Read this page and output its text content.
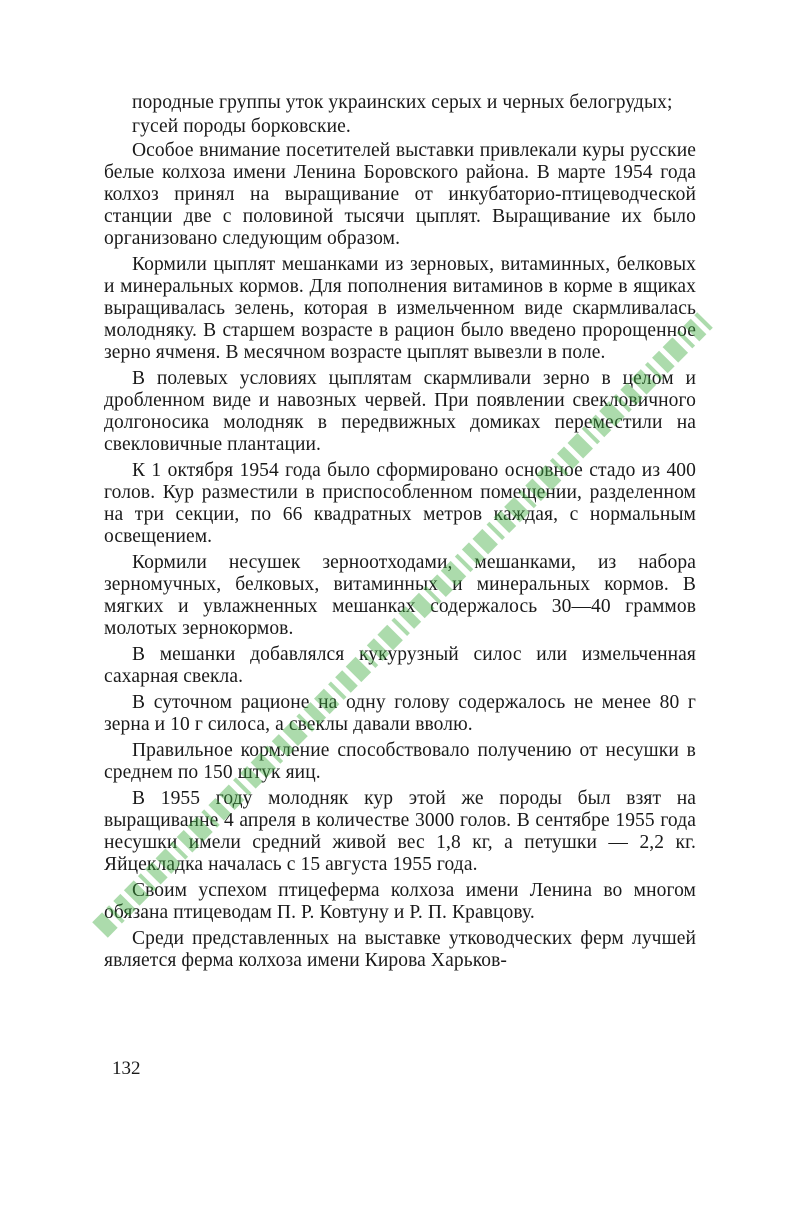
породные группы уток украинских серых и черных белогрудых;

гусей породы борковские.

Особое внимание посетителей выставки привлекали куры русские белые колхоза имени Ленина Боровского района. В марте 1954 года колхоз принял на выращивание от инкубаторио-птицеводческой станции две с половиной тысячи цыплят. Выращивание их было организовано следующим образом.

Кормили цыплят мешанками из зерновых, витаминных, белковых и минеральных кормов. Для пополнения витаминов в корме в ящиках выращивалась зелень, которая в измельченном виде скармливалась молодняку. В старшем возрасте в рацион было введено пророщенное зерно ячменя. В месячном возрасте цыплят вывезли в поле.

В полевых условиях цыплятам скармливали зерно в целом и дробленном виде и навозных червей. При появлении свекловичного долгоносика молодняк в передвижных домиках переместили на свекловичные плантации.

К 1 октября 1954 года было сформировано основное стадо из 400 голов. Кур разместили в приспособленном помещении, разделенном на три секции, по 66 квадратных метров каждая, с нормальным освещением.

Кормили несушек зерноотходами, мешанками, из набора зерномучных, белковых, витаминных и минеральных кормов. В мягких и увлажненных мешанках содержалось 30—40 граммов молотых зернокормов.

В мешанки добавлялся кукурузный силос или измельченная сахарная свекла.

В суточном рационе на одну голову содержалось не менее 80 г зерна и 10 г силоса, а свеклы давали вволю.

Правильное кормление способствовало получению от несушки в среднем по 150 штук яиц.

В 1955 году молодняк кур этой же породы был взят на выращиванне 4 апреля в количестве 3000 голов. В сентябре 1955 года несушки имели средний живой вес 1,8 кг, а петушки — 2,2 кг. Яйцекладка началась с 15 августа 1955 года.

Своим успехом птицеферма колхоза имени Ленина во многом обязана птицеводам П. Р. Ковтуну и Р. П. Кравцову.

Среди представленных на выставке утководческих ферм лучшей является ферма колхоза имени Кирова Харьков-

132
